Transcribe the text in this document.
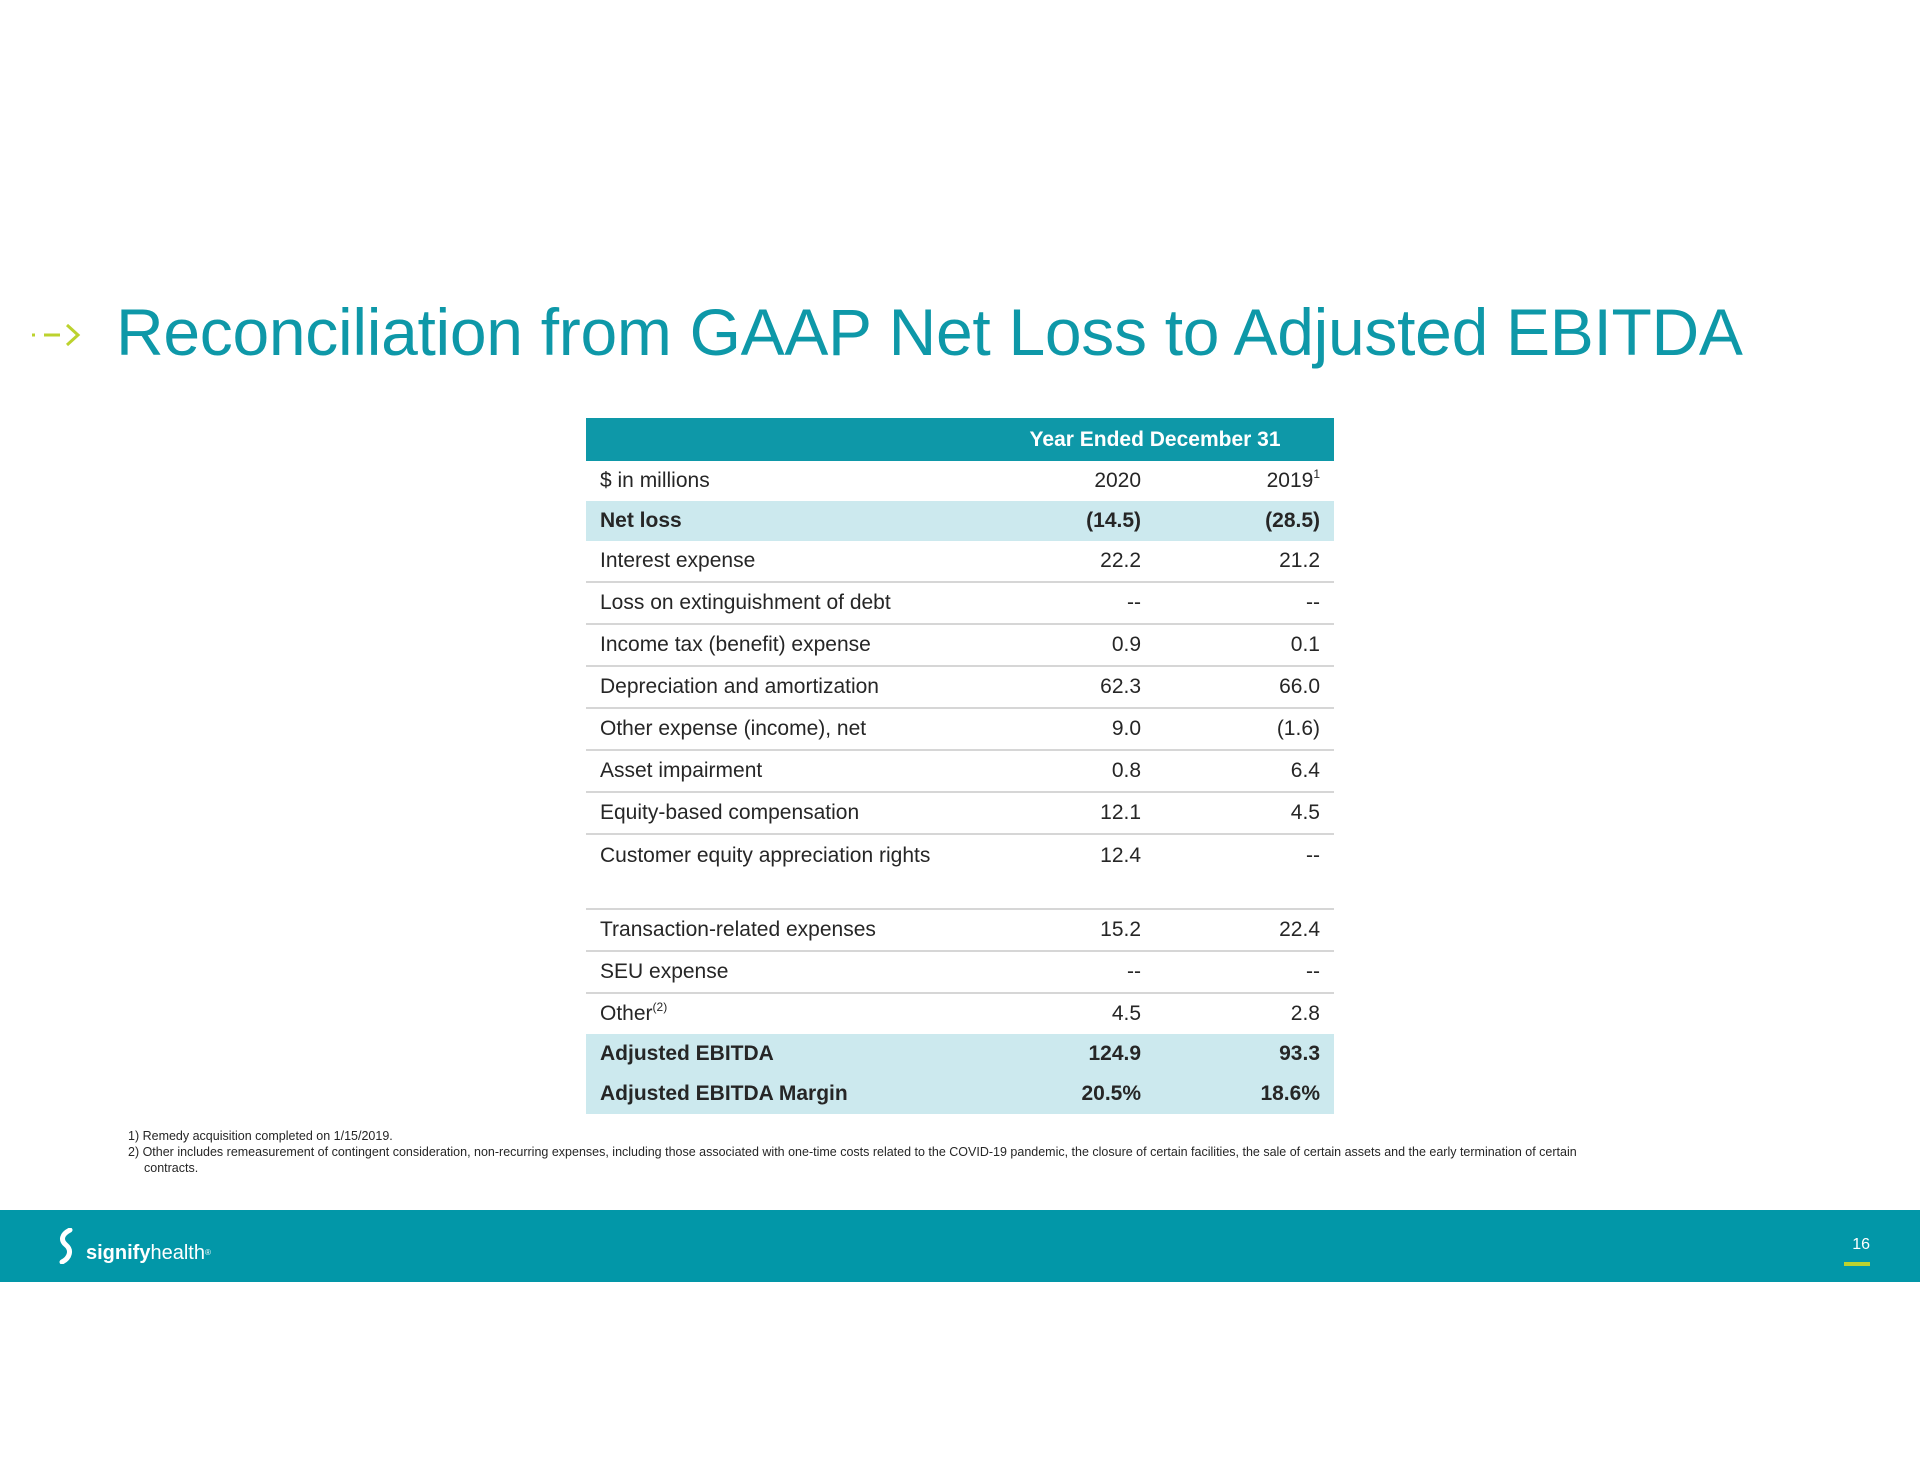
Reconciliation from GAAP Net Loss to Adjusted EBITDA
	Year Ended December 31	
$ in millions	2020	2019$^1$
Net loss	(14.5)	(28.5)
Interest expense	22.2	21.2
Loss on extinguishment of debt	--	--
Income tax (benefit) expense	0.9	0.1
Depreciation and amortization	62.3	66.0
Other expense (income), net	9.0	(1.6)
Asset impairment	0.8	6.4
Equity-based compensation	12.1	4.5
Customer equity appreciation rights	12.4	--
Transaction-related expenses	15.2	22.4
SEU expense	--	--
Other$^{(2)}$	4.5	2.8
Adjusted EBITDA	124.9	93.3
Adjusted EBITDA Margin	20.5%	18.6%
1) Remedy acquisition completed on 1/15/2019.
2) Other includes remeasurement of contingent consideration, non-recurring expenses, including those associated with one-time costs related to the COVID-19 pandemic, the closure of certain facilities, the sale of certain assets and the early termination of certain contracts.
signifyhealth®	16
